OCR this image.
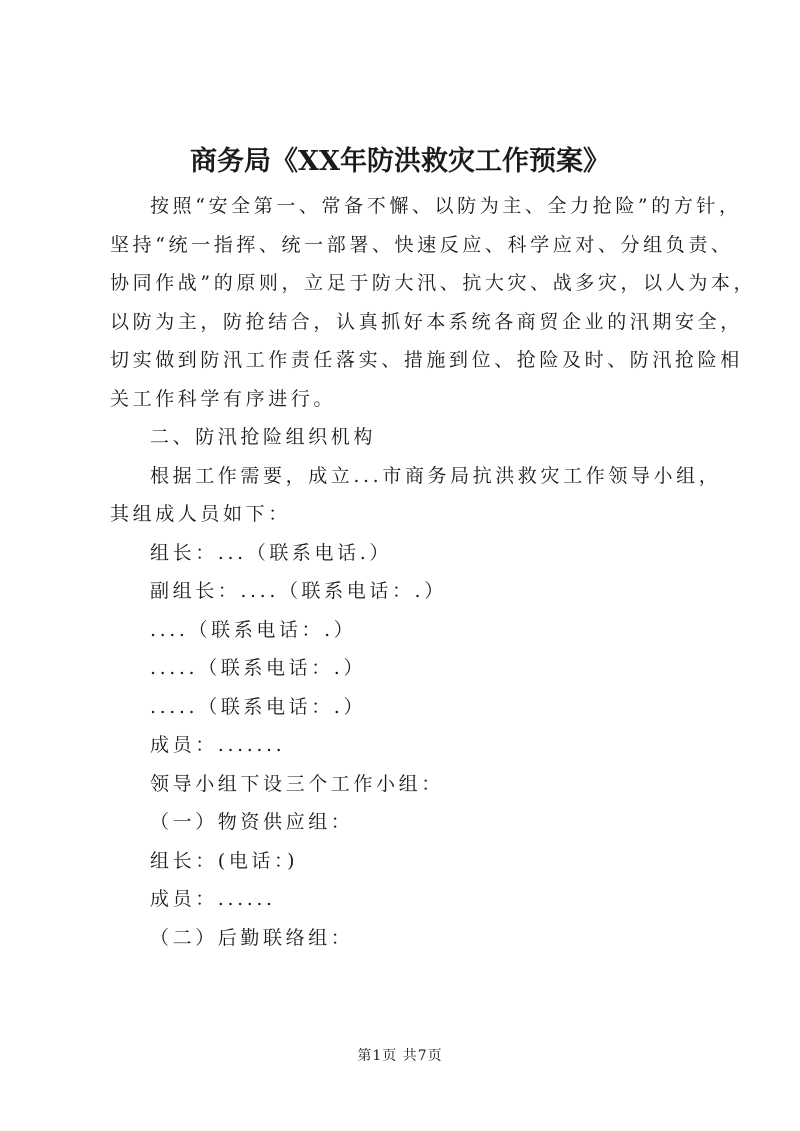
商务局《XX年防洪救灾工作预案》

按照“安全第一、常备不懈、以防为主、全力抢险”的方针，
坚持“统一指挥、统一部署、快速反应、科学应对、分组负责、
协同作战”的原则，立足于防大汛、抗大灾、战多灾，以人为本，
以防为主，防抢结合，认真抓好本系统各商贸企业的汛期安全，
切实做到防汛工作责任落实、措施到位、抢险及时、防汛抢险相
关工作科学有序进行。

二、防汛抢险组织机构

根据工作需要，成立...市商务局抗洪救灾工作领导小组，
其组成人员如下：

组长：...（联系电话.）

副组长：....（联系电话：.）

....（联系电话：.）

.....（联系电话：.）

.....（联系电话：.）

成员：.......

领导小组下设三个工作小组：

（一）物资供应组：

组长：(电话：)

成员：......

（二）后勤联络组：

第1页 共7页
